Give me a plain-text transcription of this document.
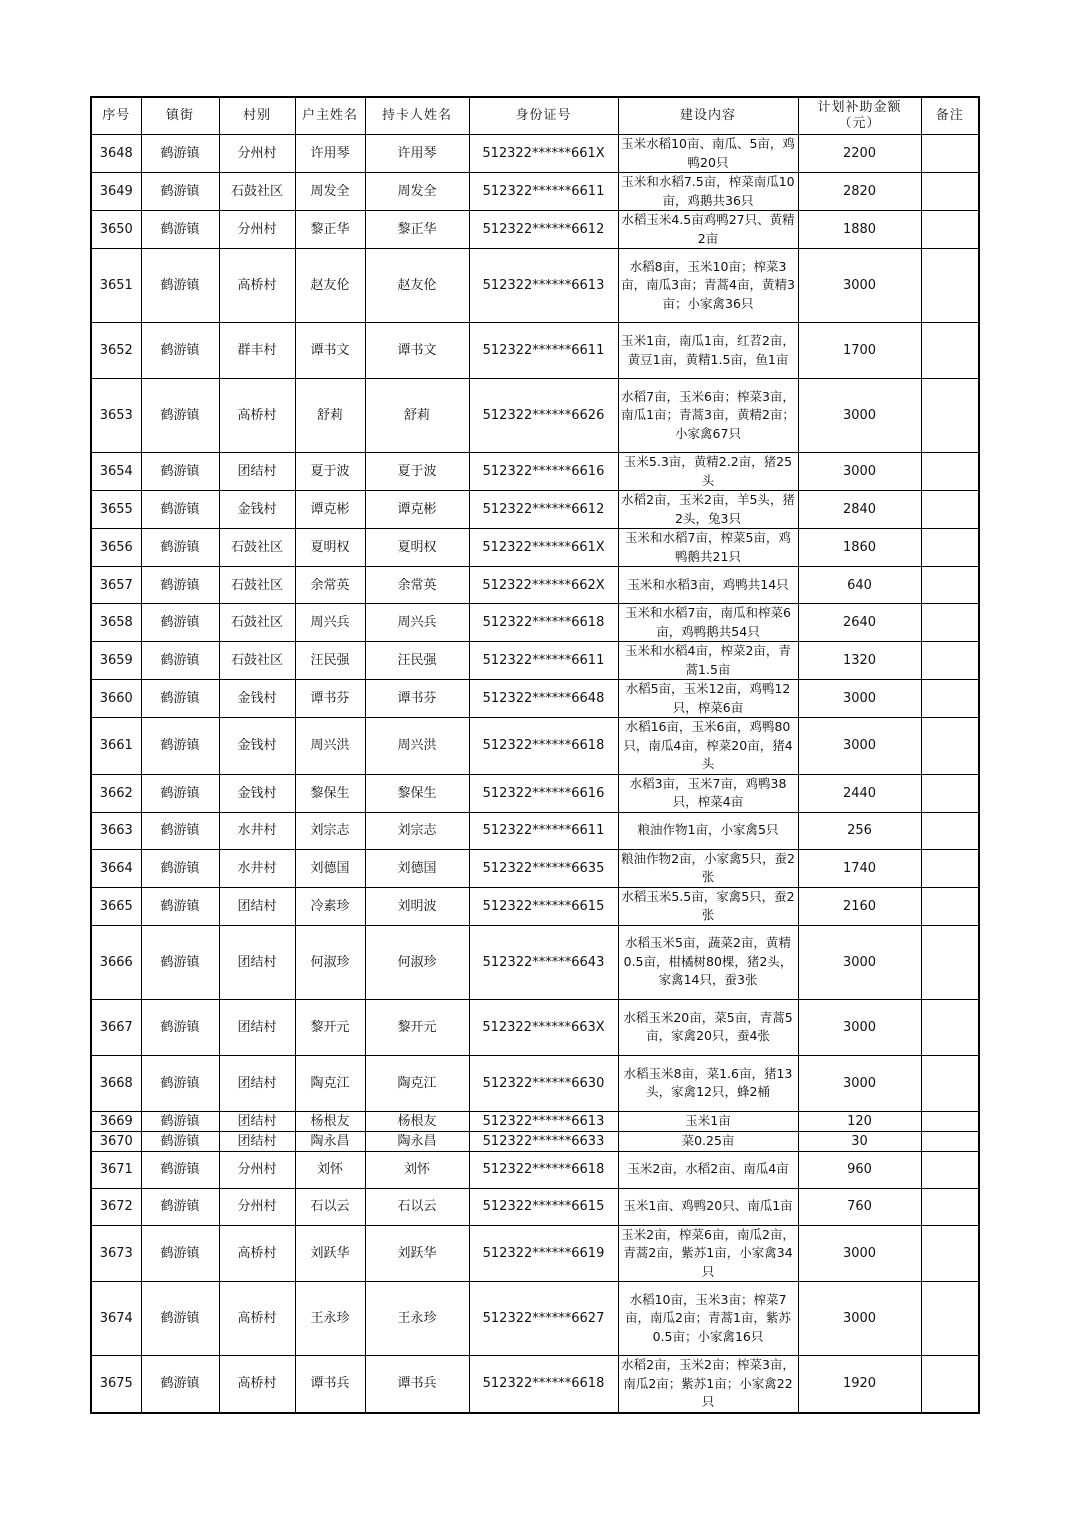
序号	镇街	村别	户主姓名	持卡人姓名	身份证号	建设内容	计划补助金额（元）	备注
3648	鹤游镇	分州村	许用琴	许用琴	512322******661X	玉米水稻10亩、南瓜、5亩，鸡鸭20只	2200	
3649	鹤游镇	石鼓社区	周发全	周发全	512322******6611	玉米和水稻7.5亩，榨菜南瓜10亩，鸡鹅共36只	2820	
3650	鹤游镇	分州村	黎正华	黎正华	512322******6612	水稻玉米4.5亩鸡鸭27只、黄精2亩	1880	
3651	鹤游镇	高桥村	赵友伦	赵友伦	512322******6613	水稻8亩，玉米10亩；榨菜3亩，南瓜3亩；青蒿4亩，黄精3亩；小家禽36只	3000	
3652	鹤游镇	群丰村	谭书文	谭书文	512322******6611	玉米1亩，南瓜1亩，红苕2亩，黄豆1亩，黄精1.5亩，鱼1亩	1700	
3653	鹤游镇	高桥村	舒莉	舒莉	512322******6626	水稻7亩，玉米6亩；榨菜3亩，南瓜1亩；青蒿3亩，黄精2亩；小家禽67只	3000	
3654	鹤游镇	团结村	夏于波	夏于波	512322******6616	玉米5.3亩，黄精2.2亩，猪25头	3000	
3655	鹤游镇	金钱村	谭克彬	谭克彬	512322******6612	水稻2亩，玉米2亩，羊5头，猪2头，兔3只	2840	
3656	鹤游镇	石鼓社区	夏明权	夏明权	512322******661X	玉米和水稻7亩，榨菜5亩，鸡鸭鹅共21只	1860	
3657	鹤游镇	石鼓社区	余常英	余常英	512322******662X	玉米和水稻3亩，鸡鸭共14只	640	
3658	鹤游镇	石鼓社区	周兴兵	周兴兵	512322******6618	玉米和水稻7亩，南瓜和榨菜6亩，鸡鸭鹅共54只	2640	
3659	鹤游镇	石鼓社区	汪民强	汪民强	512322******6611	玉米和水稻4亩，榨菜2亩，青蒿1.5亩	1320	
3660	鹤游镇	金钱村	谭书芬	谭书芬	512322******6648	水稻5亩，玉米12亩，鸡鸭12只，榨菜6亩	3000	
3661	鹤游镇	金钱村	周兴洪	周兴洪	512322******6618	水稻16亩，玉米6亩，鸡鸭80只，南瓜4亩，榨菜20亩，猪4头	3000	
3662	鹤游镇	金钱村	黎保生	黎保生	512322******6616	水稻3亩，玉米7亩，鸡鸭38只，榨菜4亩	2440	
3663	鹤游镇	水井村	刘宗志	刘宗志	512322******6611	粮油作物1亩，小家禽5只	256	
3664	鹤游镇	水井村	刘德国	刘德国	512322******6635	粮油作物2亩，小家禽5只，蚕2张	1740	
3665	鹤游镇	团结村	冷素珍	刘明波	512322******6615	水稻玉米5.5亩，家禽5只，蚕2张	2160	
3666	鹤游镇	团结村	何淑珍	何淑珍	512322******6643	水稻玉米5亩，蔬菜2亩，黄精0.5亩，柑橘树80棵，猪2头，家禽14只，蚕3张	3000	
3667	鹤游镇	团结村	黎开元	黎开元	512322******663X	水稻玉米20亩，菜5亩，青蒿5亩，家禽20只，蚕4张	3000	
3668	鹤游镇	团结村	陶克江	陶克江	512322******6630	水稻玉米8亩，菜1.6亩，猪13头，家禽12只，蜂2桶	3000	
3669	鹤游镇	团结村	杨根友	杨根友	512322******6613	玉米1亩	120	
3670	鹤游镇	团结村	陶永昌	陶永昌	512322******6633	菜0.25亩	30	
3671	鹤游镇	分州村	刘怀	刘怀	512322******6618	玉米2亩，水稻2亩、南瓜4亩	960	
3672	鹤游镇	分州村	石以云	石以云	512322******6615	玉米1亩、鸡鸭20只、南瓜1亩	760	
3673	鹤游镇	高桥村	刘跃华	刘跃华	512322******6619	玉米2亩，榨菜6亩，南瓜2亩，青蒿2亩，紫苏1亩，小家禽34只	3000	
3674	鹤游镇	高桥村	王永珍	王永珍	512322******6627	水稻10亩，玉米3亩；榨菜7亩，南瓜2亩；青蒿1亩，紫苏0.5亩；小家禽16只	3000	
3675	鹤游镇	高桥村	谭书兵	谭书兵	512322******6618	水稻2亩，玉米2亩；榨菜3亩，南瓜2亩；紫苏1亩；小家禽22只	1920	
